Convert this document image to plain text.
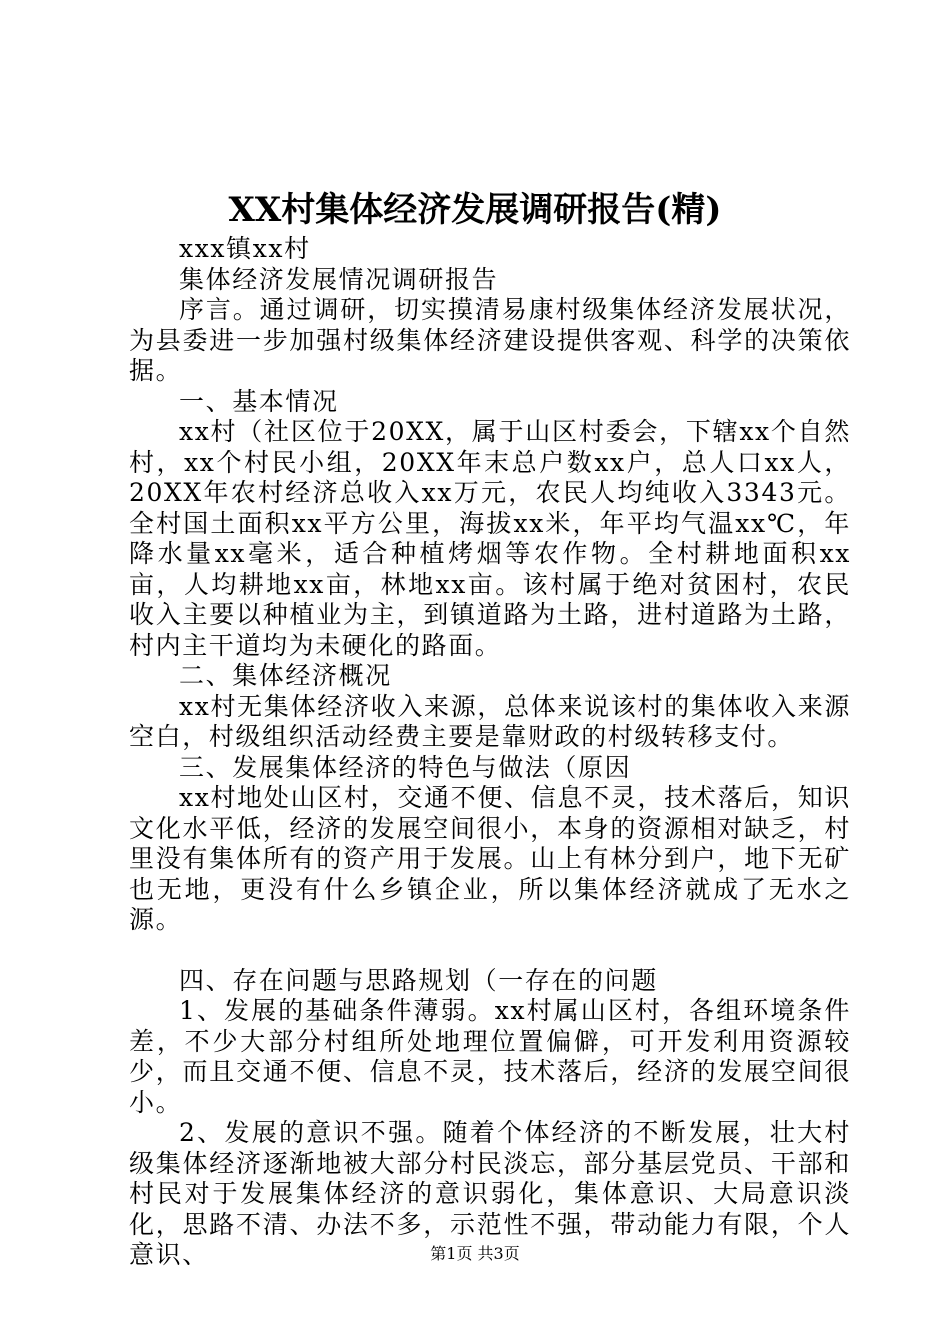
XX村集体经济发展调研报告(精)

xxx镇xx村

集体经济发展情况调研报告

序言。通过调研，切实摸清易康村级集体经济发展状况，为县委进一步加强村级集体经济建设提供客观、科学的决策依据。

一、基本情况

xx村（社区位于20XX，属于山区村委会，下辖xx个自然村，xx个村民小组，20XX年末总户数xx户，总人口xx人，20XX年农村经济总收入xx万元，农民人均纯收入3343元。全村国土面积xx平方公里，海拔xx米，年平均气温xx℃，年降水量xx毫米，适合种植烤烟等农作物。全村耕地面积xx亩，人均耕地xx亩，林地xx亩。该村属于绝对贫困村，农民收入主要以种植业为主，到镇道路为土路，进村道路为土路，村内主干道均为未硬化的路面。

二、集体经济概况

xx村无集体经济收入来源，总体来说该村的集体收入来源空白，村级组织活动经费主要是靠财政的村级转移支付。

三、发展集体经济的特色与做法（原因

xx村地处山区村，交通不便、信息不灵，技术落后，知识文化水平低，经济的发展空间很小，本身的资源相对缺乏，村里没有集体所有的资产用于发展。山上有林分到户，地下无矿也无地，更没有什么乡镇企业，所以集体经济就成了无水之源。

四、存在问题与思路规划（一存在的问题

1、发展的基础条件薄弱。xx村属山区村，各组环境条件差，不少大部分村组所处地理位置偏僻，可开发利用资源较少，而且交通不便、信息不灵，技术落后，经济的发展空间很小。

2、发展的意识不强。随着个体经济的不断发展，壮大村级集体经济逐渐地被大部分村民淡忘，部分基层党员、干部和村民对于发展集体经济的意识弱化，集体意识、大局意识淡化，思路不清、办法不多，示范性不强，带动能力有限，个人意识、	第1页 共3页
